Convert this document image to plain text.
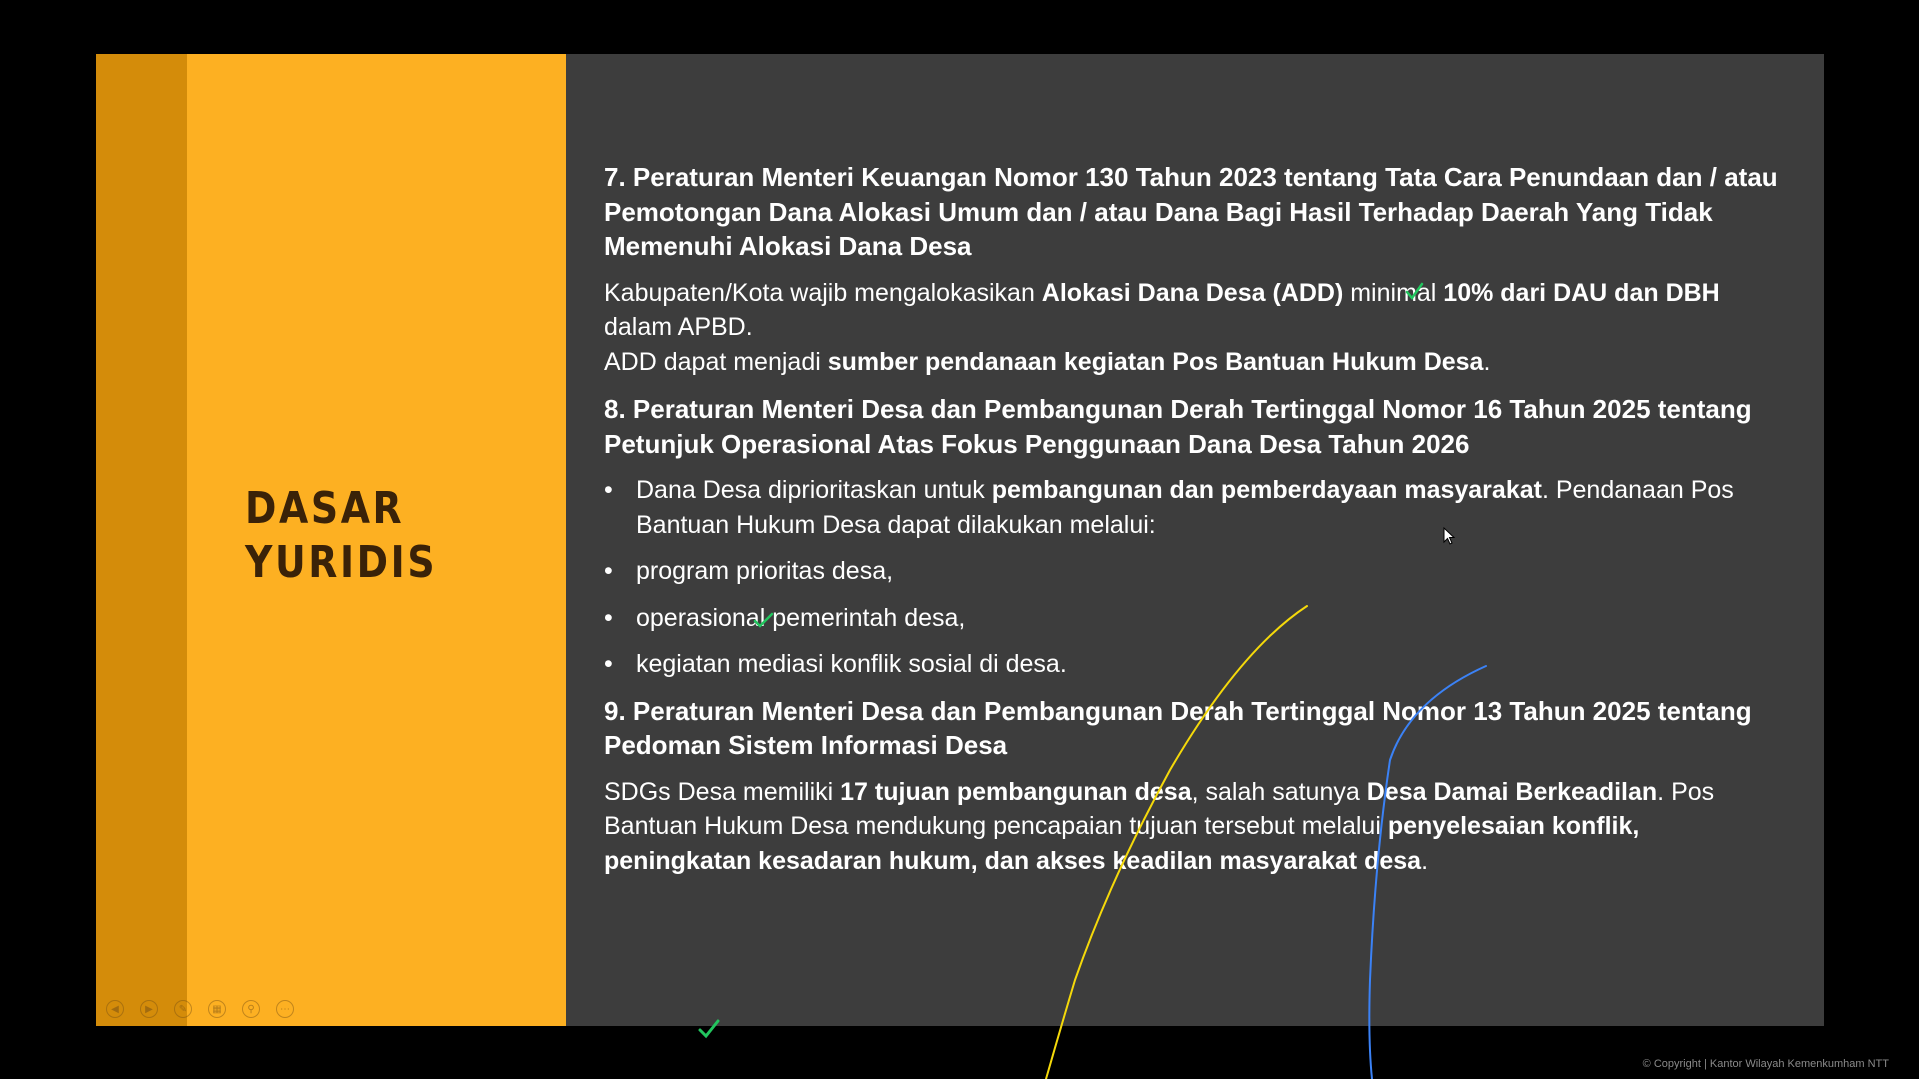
DASAR
YURIDIS

7. Peraturan Menteri Keuangan Nomor 130 Tahun 2023 tentang Tata Cara Penundaan dan / atau Pemotongan Dana Alokasi Umum dan / atau Dana Bagi Hasil Terhadap Daerah Yang Tidak Memenuhi Alokasi Dana Desa

Kabupaten/Kota wajib mengalokasikan Alokasi Dana Desa (ADD) minimal 10% dari DAU dan DBH dalam APBD.

ADD dapat menjadi sumber pendanaan kegiatan Pos Bantuan Hukum Desa.

8. Peraturan Menteri Desa dan Pembangunan Derah Tertinggal Nomor 16 Tahun 2025 tentang Petunjuk Operasional Atas Fokus Penggunaan Dana Desa Tahun 2026

• Dana Desa diprioritaskan untuk pembangunan dan pemberdayaan masyarakat. Pendanaan Pos Bantuan Hukum Desa dapat dilakukan melalui:
• program prioritas desa,
• operasional pemerintah desa,
• kegiatan mediasi konflik sosial di desa.

9. Peraturan Menteri Desa dan Pembangunan Derah Tertinggal Nomor 13 Tahun 2025 tentang Pedoman Sistem Informasi Desa

SDGs Desa memiliki 17 tujuan pembangunan desa, salah satunya Desa Damai Berkeadilan. Pos Bantuan Hukum Desa mendukung pencapaian tujuan tersebut melalui penyelesaian konflik, peningkatan kesadaran hukum, dan akses keadilan masyarakat desa.

◀	▶	✎	▦	⚲	⋯
© Copyright | Kantor Wilayah Kemenkumham NTT
